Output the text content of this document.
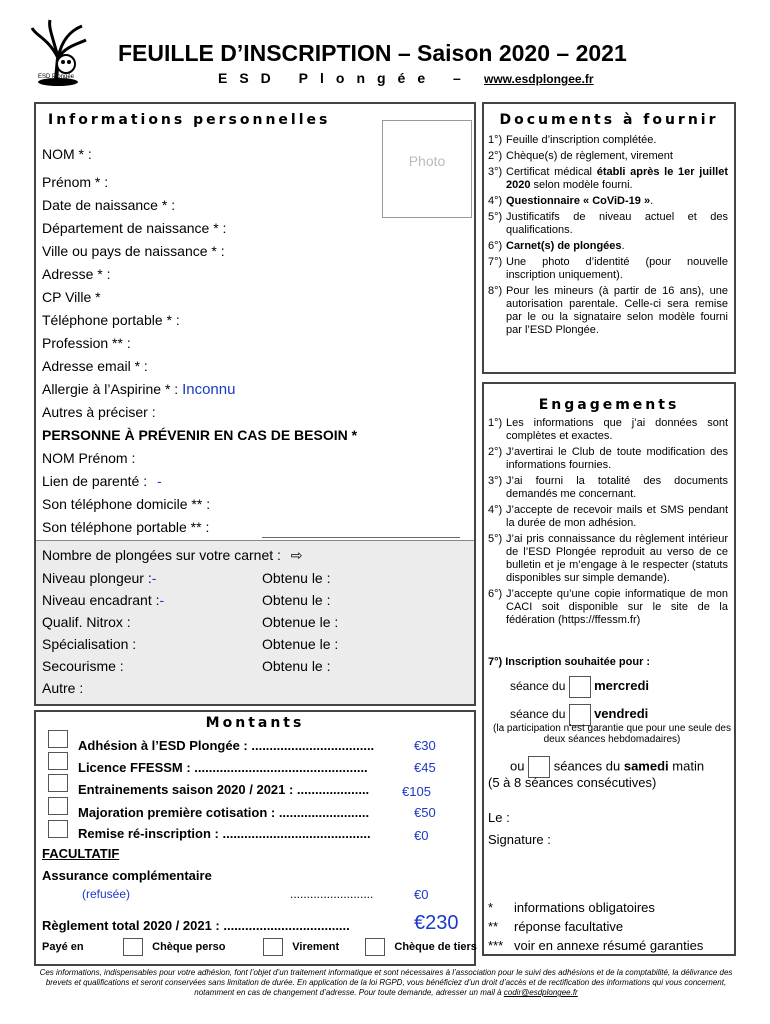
ESD Plongée
FEUILLE D’INSCRIPTION – Saison 2020 – 2021
ESD Plongée – www.esdplongee.fr
Informations personnelles
Photo
NOM * :
Prénom * :
Date de naissance * :
Département de naissance * :
Ville ou pays de naissance * :
Adresse * :
CP Ville *
Téléphone portable * :
Profession ** :
Adresse email * :
Allergie à l’Aspirine * : Inconnu
Autres à préciser :
PERSONNE À PRÉVENIR EN CAS DE BESOIN *
NOM Prénom :
Lien de parenté : -
Son téléphone domicile ** :
Son téléphone portable ** :
Nombre de plongées sur votre carnet : ⇨
Niveau plongeur :-	Obtenu le :
Niveau encadrant :-	Obtenu le :
Qualif. Nitrox :	Obtenue le :
Spécialisation :	Obtenue le :
Secourisme :	Obtenu le :
Autre :
Documents à fournir
1°) Feuille d’inscription complétée.
2°) Chèque(s) de règlement, virement
3°) Certificat médical établi après le 1er juillet 2020 selon modèle fourni.
4°) Questionnaire « CoViD-19 ».
5°) Justificatifs de niveau actuel et des qualifications.
6°) Carnet(s) de plongées.
7°) Une photo d’identité (pour nouvelle inscription uniquement).
8°) Pour les mineurs (à partir de 16 ans), une autorisation parentale. Celle-ci sera remise par le ou la signataire selon modèle fourni par l’ESD Plongée.
Engagements
1°) Les informations que j’ai données sont complètes et exactes.
2°) J’avertirai le Club de toute modification des informations fournies.
3°) J’ai fourni la totalité des documents demandés me concernant.
4°) J’accepte de recevoir mails et SMS pendant la durée de mon adhésion.
5°) J’ai pris connaissance du règlement intérieur de l’ESD Plongée reproduit au verso de ce bulletin et je m’engage à le respecter (statuts disponibles sur simple demande).
6°) J’accepte qu’une copie informatique de mon CACI soit disponible sur le site de la fédération (https://ffessm.fr)
7°) Inscription souhaitée pour :
séance du mercredi
séance du vendredi
(la participation n’est garantie que pour une seule des deux séances hebdomadaires)
ou séances du samedi matin
(5 à 8 séances consécutives)
Le :
Signature :
* informations obligatoires
** réponse facultative
*** voir en annexe résumé garanties
Montants
Adhésion à l’ESD Plongée : ..................................	€30
Licence FFESSM : ................................................	€45
Entrainements saison 2020 / 2021 : ....................	€105
Majoration première cotisation : .........................	€50
Remise ré-inscription : .........................................	€0
FACULTATIF
Assurance complémentaire
(refusée)	.........................	€0
Règlement total 2020 / 2021 : ...................................	€230
Payé en	Chèque perso	Virement	Chèque de tiers
Ces informations, indispensables pour votre adhésion, font l’objet d’un traitement informatique et sont nécessaires à l’association pour le suivi des adhésions et de la comptabilité, la délivrance des brevets et qualifications et seront conservées sans limitation de durée. En application de la loi RGPD, vous bénéficiez d’un droit d’accès et de rectification des informations qui vous concernent, notamment en cas de changement d’adresse. Pour toute demande, adresser un mail à codir@esdplongee.fr
